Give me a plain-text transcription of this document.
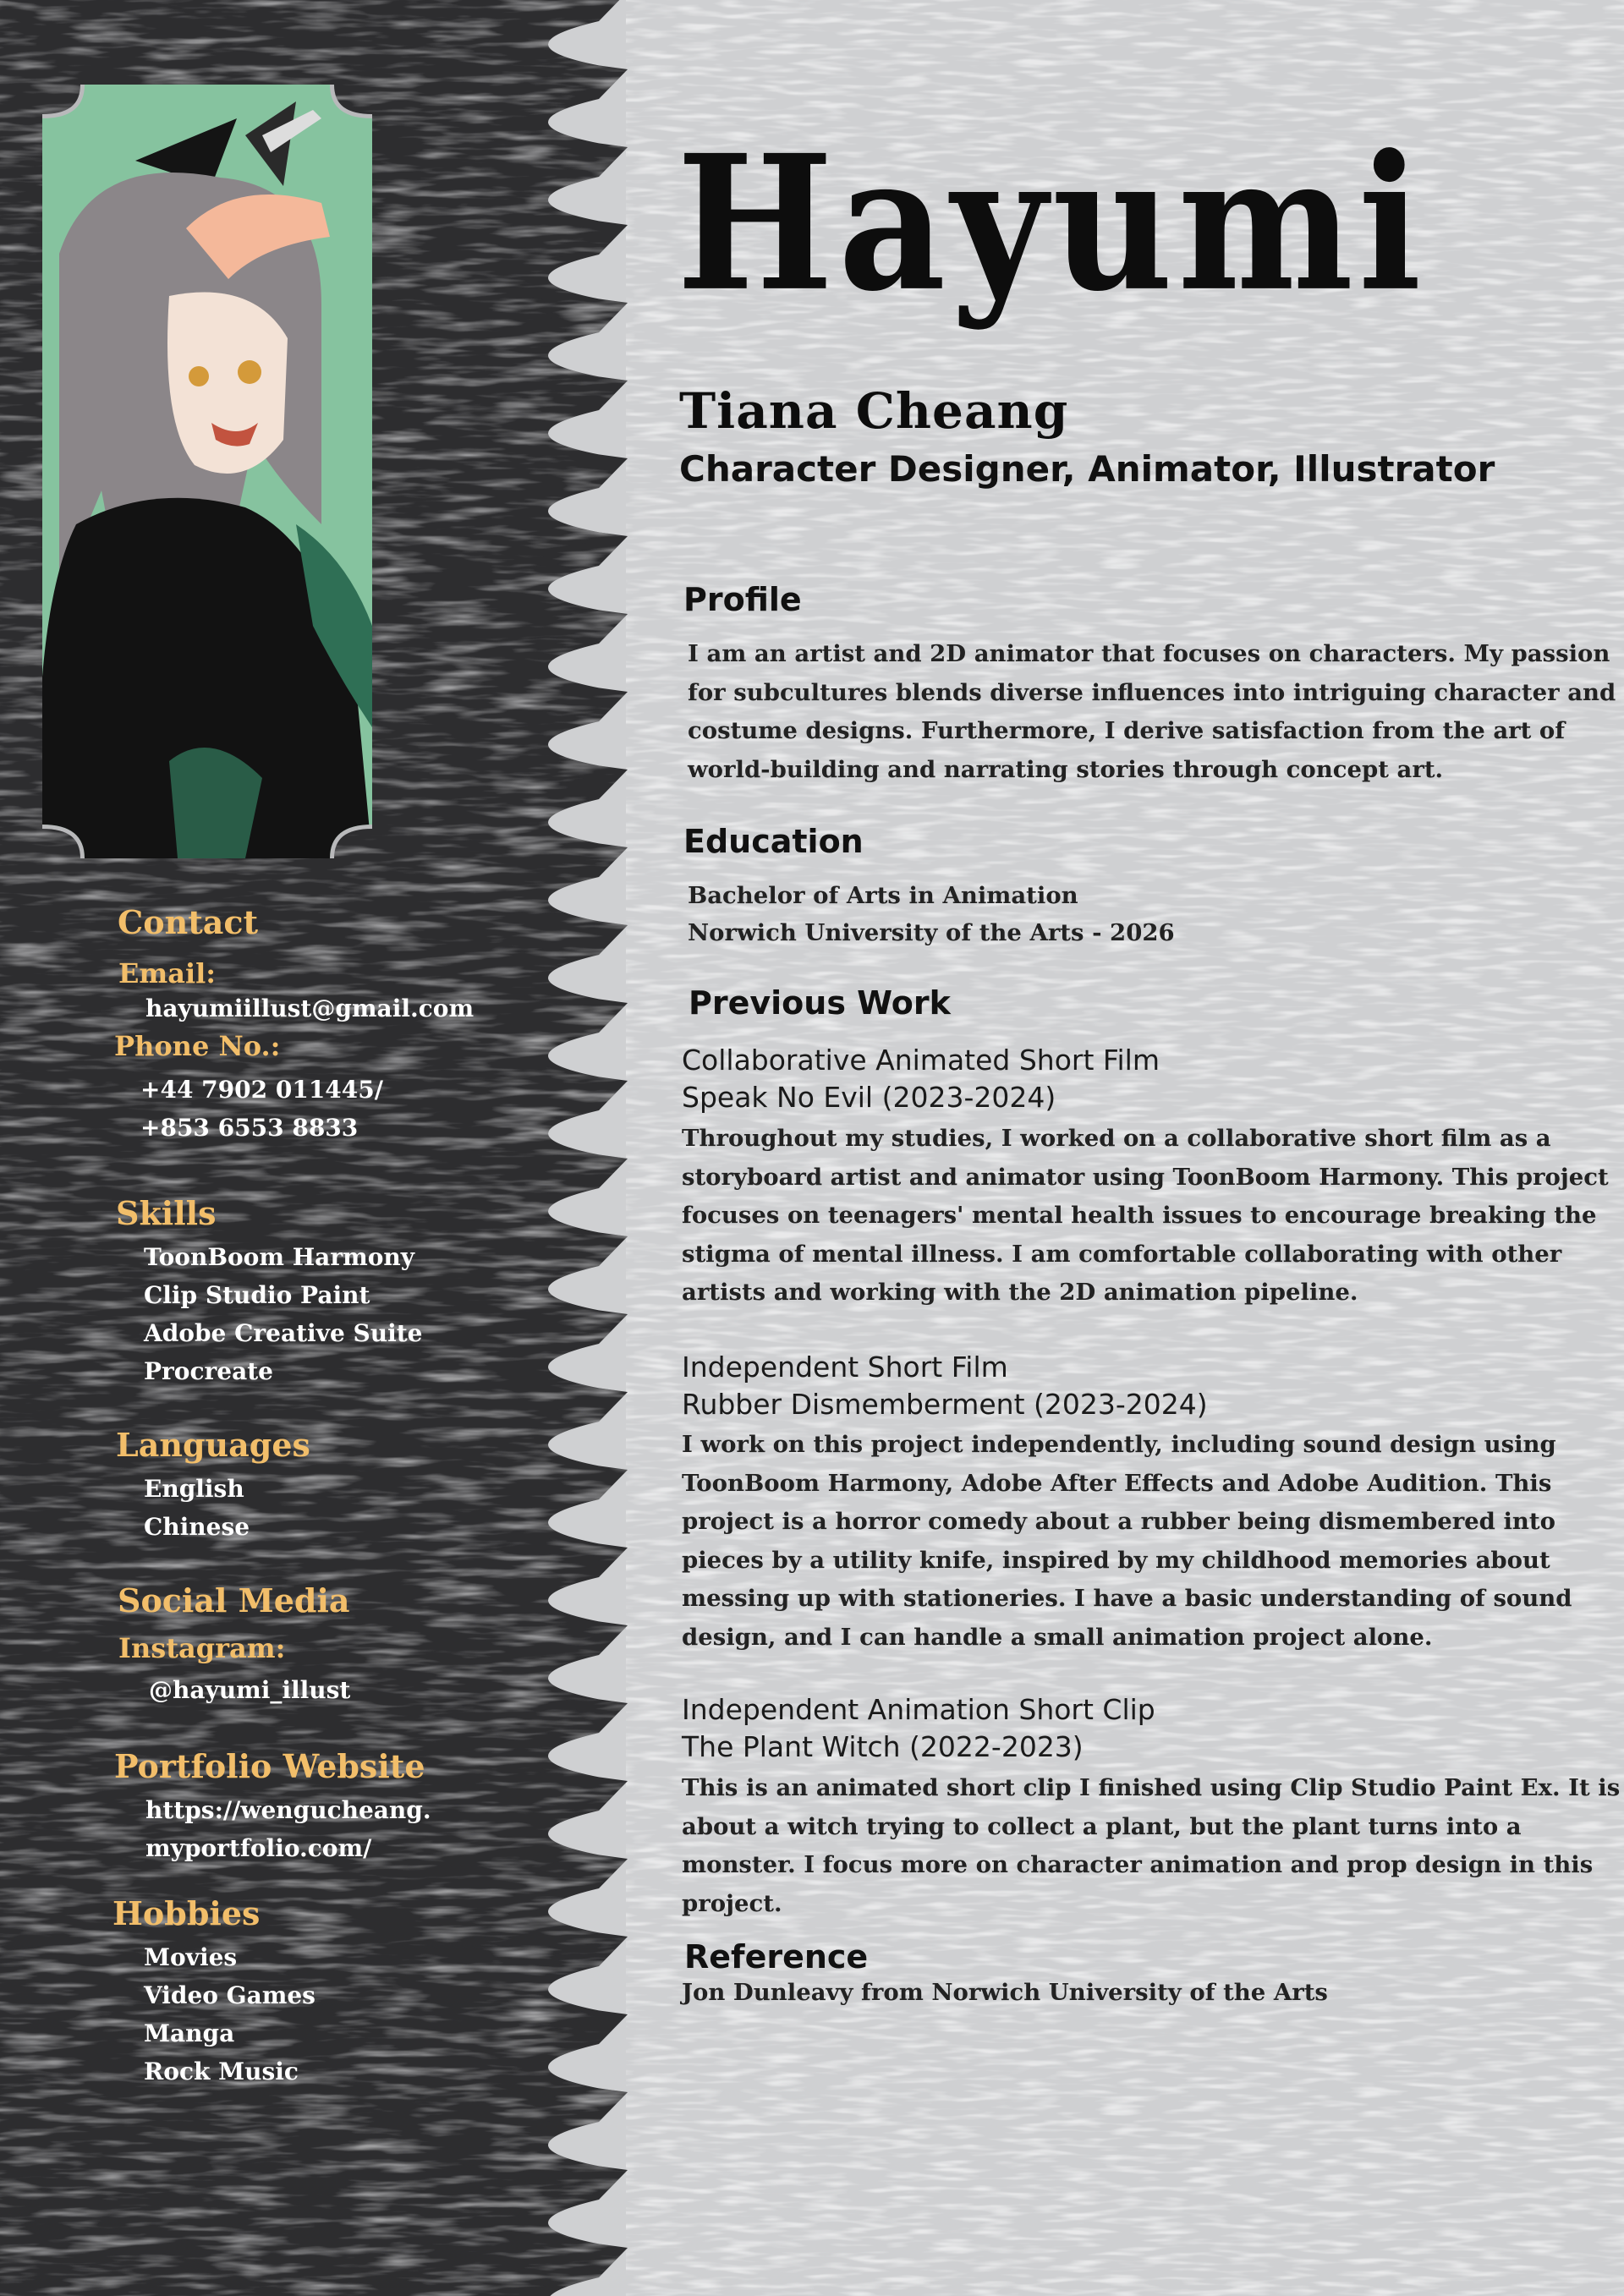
Contact
Email:
hayumiillust@gmail.com
Phone No.:
+44 7902 011445/
+853 6553 8833
Skills
ToonBoom Harmony
Clip Studio Paint
Adobe Creative Suite
Procreate
Languages
English
Chinese
Social Media
Instagram:
@hayumi_illust
Portfolio Website
https://wengucheang.
myportfolio.com/
Hobbies
Movies
Video Games
Manga
Rock Music
Hayumi
Tiana Cheang
Character Designer, Animator, Illustrator
Profile
I am an artist and 2D animator that focuses on characters. My passion
for subcultures blends diverse influences into intriguing character and
costume designs. Furthermore, I derive satisfaction from the art of
world-building and narrating stories through concept art.
Education
Bachelor of Arts in Animation
Norwich University of the Arts - 2026
Previous Work
Collaborative Animated Short Film
Speak No Evil (2023-2024)
Throughout my studies, I worked on a collaborative short film as a
storyboard artist and animator using ToonBoom Harmony. This project
focuses on teenagers' mental health issues to encourage breaking the
stigma of mental illness. I am comfortable collaborating with other
artists and working with the 2D animation pipeline.
Independent Short Film
Rubber Dismemberment (2023-2024)
I work on this project independently, including sound design using
ToonBoom Harmony, Adobe After Effects and Adobe Audition. This
project is a horror comedy about a rubber being dismembered into
pieces by a utility knife, inspired by my childhood memories about
messing up with stationeries. I have a basic understanding of sound
design, and I can handle a small animation project alone.
Independent Animation Short Clip
The Plant Witch (2022-2023)
This is an animated short clip I finished using Clip Studio Paint Ex. It is
about a witch trying to collect a plant, but the plant turns into a
monster. I focus more on character animation and prop design in this
project.
Reference
Jon Dunleavy from Norwich University of the Arts
